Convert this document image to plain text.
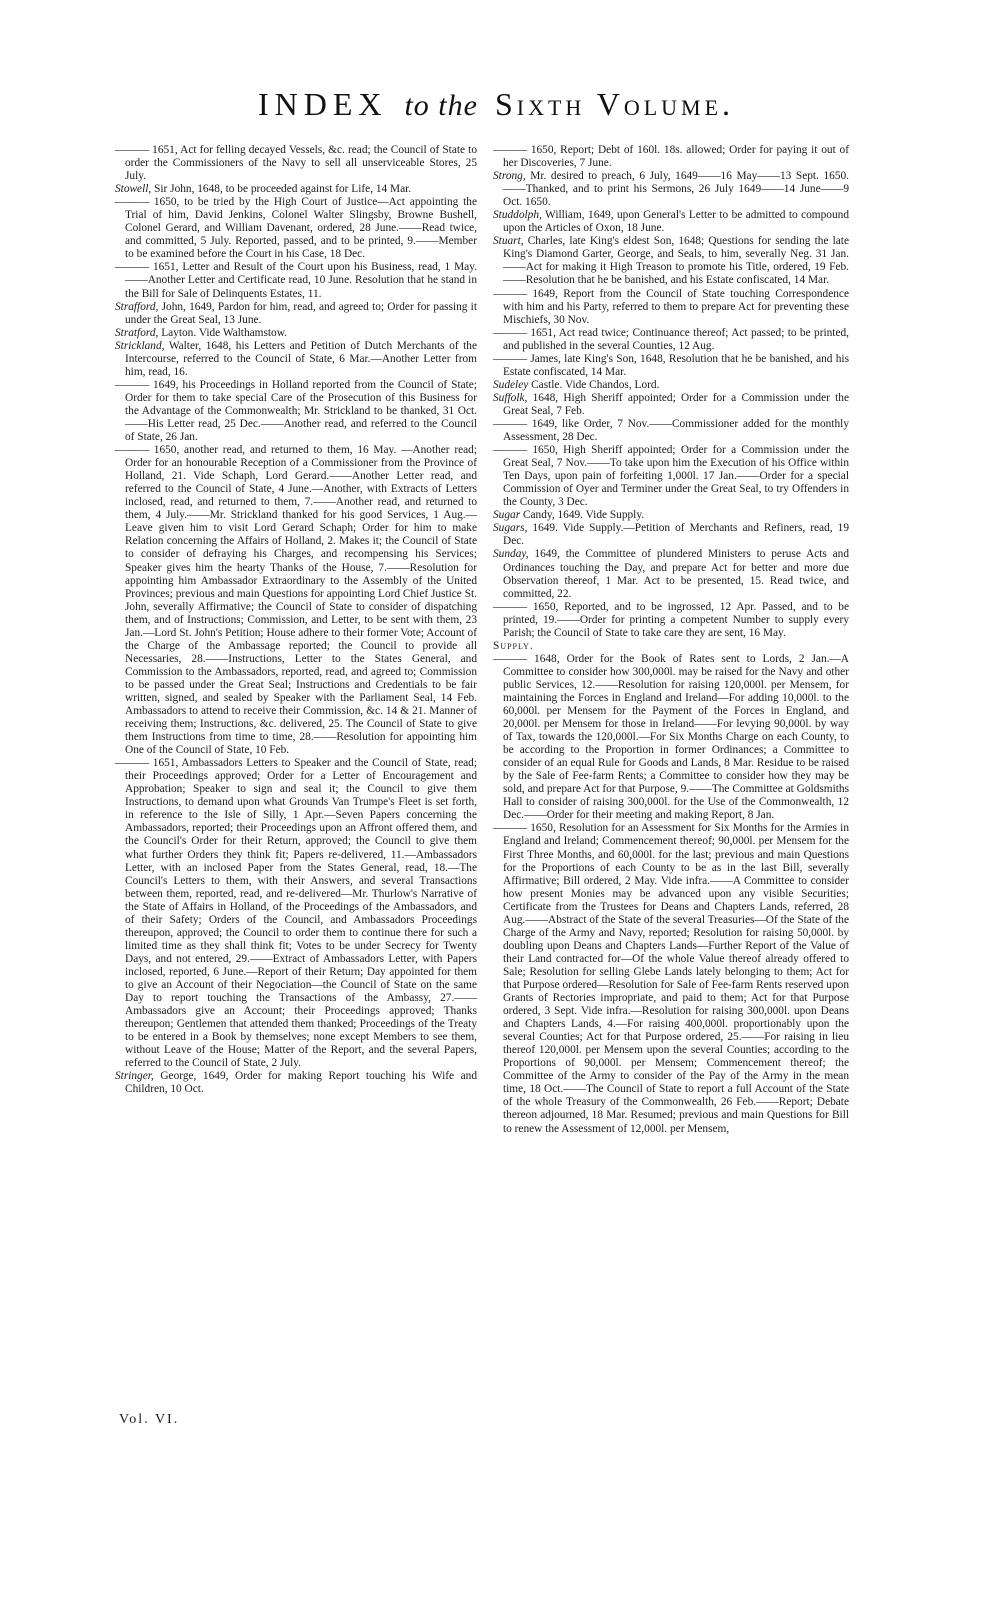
INDEX to the Sixth Volume.

——— 1651, Act for felling decayed Vessels, &c. read; the Council of State to order the Commissioners of the Navy to sell all unserviceable Stores, 25 July.

Stowell, Sir John, 1648, to be proceeded against for Life, 14 Mar.

——— 1650, to be tried by the High Court of Justice—Act appointing the Trial of him, David Jenkins, Colonel Walter Slingsby, Browne Bushell, Colonel Gerard, and William Davenant, ordered, 28 June.——Read twice, and committed, 5 July. Reported, passed, and to be printed, 9.——Member to be examined before the Court in his Case, 18 Dec.

——— 1651, Letter and Result of the Court upon his Business, read, 1 May.——Another Letter and Certificate read, 10 June. Resolution that he stand in the Bill for Sale of Delinquents Estates, 11.

Strafford, John, 1649, Pardon for him, read, and agreed to; Order for passing it under the Great Seal, 13 June.

Stratford, Layton. Vide Walthamstow.

Strickland, Walter, 1648, his Letters and Petition of Dutch Merchants of the Intercourse, referred to the Council of State, 6 Mar.—Another Letter from him, read, 16.

——— 1649, his Proceedings in Holland reported from the Council of State; Order for them to take special Care of the Prosecution of this Business for the Advantage of the Commonwealth; Mr. Strickland to be thanked, 31 Oct.——His Letter read, 25 Dec.——Another read, and referred to the Council of State, 26 Jan.

——— 1650, another read, and returned to them, 16 May. —Another read; Order for an honourable Reception of a Commissioner from the Province of Holland, 21. Vide Schaph, Lord Gerard.——Another Letter read, and referred to the Council of State, 4 June.—Another, with Extracts of Letters inclosed, read, and returned to them, 7.——Another read, and returned to them, 4 July.——Mr. Strickland thanked for his good Services, 1 Aug.—Leave given him to visit Lord Gerard Schaph; Order for him to make Relation concerning the Affairs of Holland, 2. Makes it; the Council of State to consider of defraying his Charges, and recompensing his Services; Speaker gives him the hearty Thanks of the House, 7.——Resolution for appointing him Ambassador Extraordinary to the Assembly of the United Provinces; previous and main Questions for appointing Lord Chief Justice St. John, severally Affirmative; the Council of State to consider of dispatching them, and of Instructions; Commission, and Letter, to be sent with them, 23 Jan.—Lord St. John's Petition; House adhere to their former Vote; Account of the Charge of the Ambassage reported; the Council to provide all Necessaries, 28.——Instructions, Letter to the States General, and Commission to the Ambassadors, reported, read, and agreed to; Commission to be passed under the Great Seal; Instructions and Credentials to be fair written, signed, and sealed by Speaker with the Parliament Seal, 14 Feb. Ambassadors to attend to receive their Commission, &c. 14 & 21. Manner of receiving them; Instructions, &c. delivered, 25. The Council of State to give them Instructions from time to time, 28.——Resolution for appointing him One of the Council of State, 10 Feb.

——— 1651, Ambassadors Letters to Speaker and the Council of State, read; their Proceedings approved; Order for a Letter of Encouragement and Approbation; Speaker to sign and seal it; the Council to give them Instructions, to demand upon what Grounds Van Trumpe's Fleet is set forth, in reference to the Isle of Silly, 1 Apr.—Seven Papers concerning the Ambassadors, reported; their Proceedings upon an Affront offered them, and the Council's Order for their Return, approved; the Council to give them what further Orders they think fit; Papers re-delivered, 11.—Ambassadors Letter, with an inclosed Paper from the States General, read, 18.—The Council's Letters to them, with their Answers, and several Transactions between them, reported, read, and re-delivered—Mr. Thurlow's Narrative of the State of Affairs in Holland, of the Proceedings of the Ambassadors, and of their Safety; Orders of the Council, and Ambassadors Proceedings thereupon, approved; the Council to order them to continue there for such a limited time as they shall think fit; Votes to be under Secrecy for Twenty Days, and not entered, 29.——Extract of Ambassadors Letter, with Papers inclosed, reported, 6 June.—Report of their Return; Day appointed for them to give an Account of their Negociation—the Council of State on the same Day to report touching the Transactions of the Ambassy, 27.——Ambassadors give an Account; their Proceedings approved; Thanks thereupon; Gentlemen that attended them thanked; Proceedings of the Treaty to be entered in a Book by themselves; none except Members to see them, without Leave of the House; Matter of the Report, and the several Papers, referred to the Council of State, 2 July.

Stringer, George, 1649, Order for making Report touching his Wife and Children, 10 Oct.

——— 1650, Report; Debt of 160l. 18s. allowed; Order for paying it out of her Discoveries, 7 June.

Strong, Mr. desired to preach, 6 July, 1649——16 May——13 Sept. 1650.——Thanked, and to print his Sermons, 26 July 1649——14 June——9 Oct. 1650.

Studdolph, William, 1649, upon General's Letter to be admitted to compound upon the Articles of Oxon, 18 June.

Stuart, Charles, late King's eldest Son, 1648; Questions for sending the late King's Diamond Garter, George, and Seals, to him, severally Neg. 31 Jan.——Act for making it High Treason to promote his Title, ordered, 19 Feb.——Resolution that he be banished, and his Estate confiscated, 14 Mar.

——— 1649, Report from the Council of State touching Correspondence with him and his Party, referred to them to prepare Act for preventing these Mischiefs, 30 Nov.

——— 1651, Act read twice; Continuance thereof; Act passed; to be printed, and published in the several Counties, 12 Aug.

——— James, late King's Son, 1648, Resolution that he be banished, and his Estate confiscated, 14 Mar.

Sudeley Castle. Vide Chandos, Lord.

Suffolk, 1648, High Sheriff appointed; Order for a Commission under the Great Seal, 7 Feb.

——— 1649, like Order, 7 Nov.——Commissioner added for the monthly Assessment, 28 Dec.

——— 1650, High Sheriff appointed; Order for a Commission under the Great Seal, 7 Nov.——To take upon him the Execution of his Office within Ten Days, upon pain of forfeiting 1,000l. 17 Jan.——Order for a special Commission of Oyer and Terminer under the Great Seal, to try Offenders in the County, 3 Dec.

Sugar Candy, 1649. Vide Supply.

Sugars, 1649. Vide Supply.—Petition of Merchants and Refiners, read, 19 Dec.

Sunday, 1649, the Committee of plundered Ministers to peruse Acts and Ordinances touching the Day, and prepare Act for better and more due Observation thereof, 1 Mar. Act to be presented, 15. Read twice, and committed, 22.

——— 1650, Reported, and to be ingrossed, 12 Apr. Passed, and to be printed, 19.——Order for printing a competent Number to supply every Parish; the Council of State to take care they are sent, 16 May.

Supply.

——— 1648, Order for the Book of Rates sent to Lords, 2 Jan.—A Committee to consider how 300,000l. may be raised for the Navy and other public Services, 12.——Resolution for raising 120,000l. per Mensem, for maintaining the Forces in England and Ireland—For adding 10,000l. to the 60,000l. per Mensem for the Payment of the Forces in England, and 20,000l. per Mensem for those in Ireland——For levying 90,000l. by way of Tax, towards the 120,000l.—For Six Months Charge on each County, to be according to the Proportion in former Ordinances; a Committee to consider of an equal Rule for Goods and Lands, 8 Mar. Residue to be raised by the Sale of Fee-farm Rents; a Committee to consider how they may be sold, and prepare Act for that Purpose, 9.——The Committee at Goldsmiths Hall to consider of raising 300,000l. for the Use of the Commonwealth, 12 Dec.——Order for their meeting and making Report, 8 Jan.

——— 1650, Resolution for an Assessment for Six Months for the Armies in England and Ireland; Commencement thereof; 90,000l. per Mensem for the First Three Months, and 60,000l. for the last; previous and main Questions for the Proportions of each County to be as in the last Bill, severally Affirmative; Bill ordered, 2 May. Vide infra.——A Committee to consider how present Monies may be advanced upon any visible Securities; Certificate from the Trustees for Deans and Chapters Lands, referred, 28 Aug.——Abstract of the State of the several Treasuries—Of the State of the Charge of the Army and Navy, reported; Resolution for raising 50,000l. by doubling upon Deans and Chapters Lands—Further Report of the Value of their Land contracted for—Of the whole Value thereof already offered to Sale; Resolution for selling Glebe Lands lately belonging to them; Act for that Purpose ordered—Resolution for Sale of Fee-farm Rents reserved upon Grants of Rectories impropriate, and paid to them; Act for that Purpose ordered, 3 Sept. Vide infra.—Resolution for raising 300,000l. upon Deans and Chapters Lands, 4.—For raising 400,000l. proportionably upon the several Counties; Act for that Purpose ordered, 25.——For raising in lieu thereof 120,000l. per Mensem upon the several Counties; according to the Proportions of 90,000l. per Mensem; Commencement thereof; the Committee of the Army to consider of the Pay of the Army in the mean time, 18 Oct.——The Council of State to report a full Account of the State of the whole Treasury of the Commonwealth, 26 Feb.——Report; Debate thereon adjourned, 18 Mar. Resumed; previous and main Questions for Bill to renew the Assessment of 12,000l. per Mensem,

Vol. VI.
